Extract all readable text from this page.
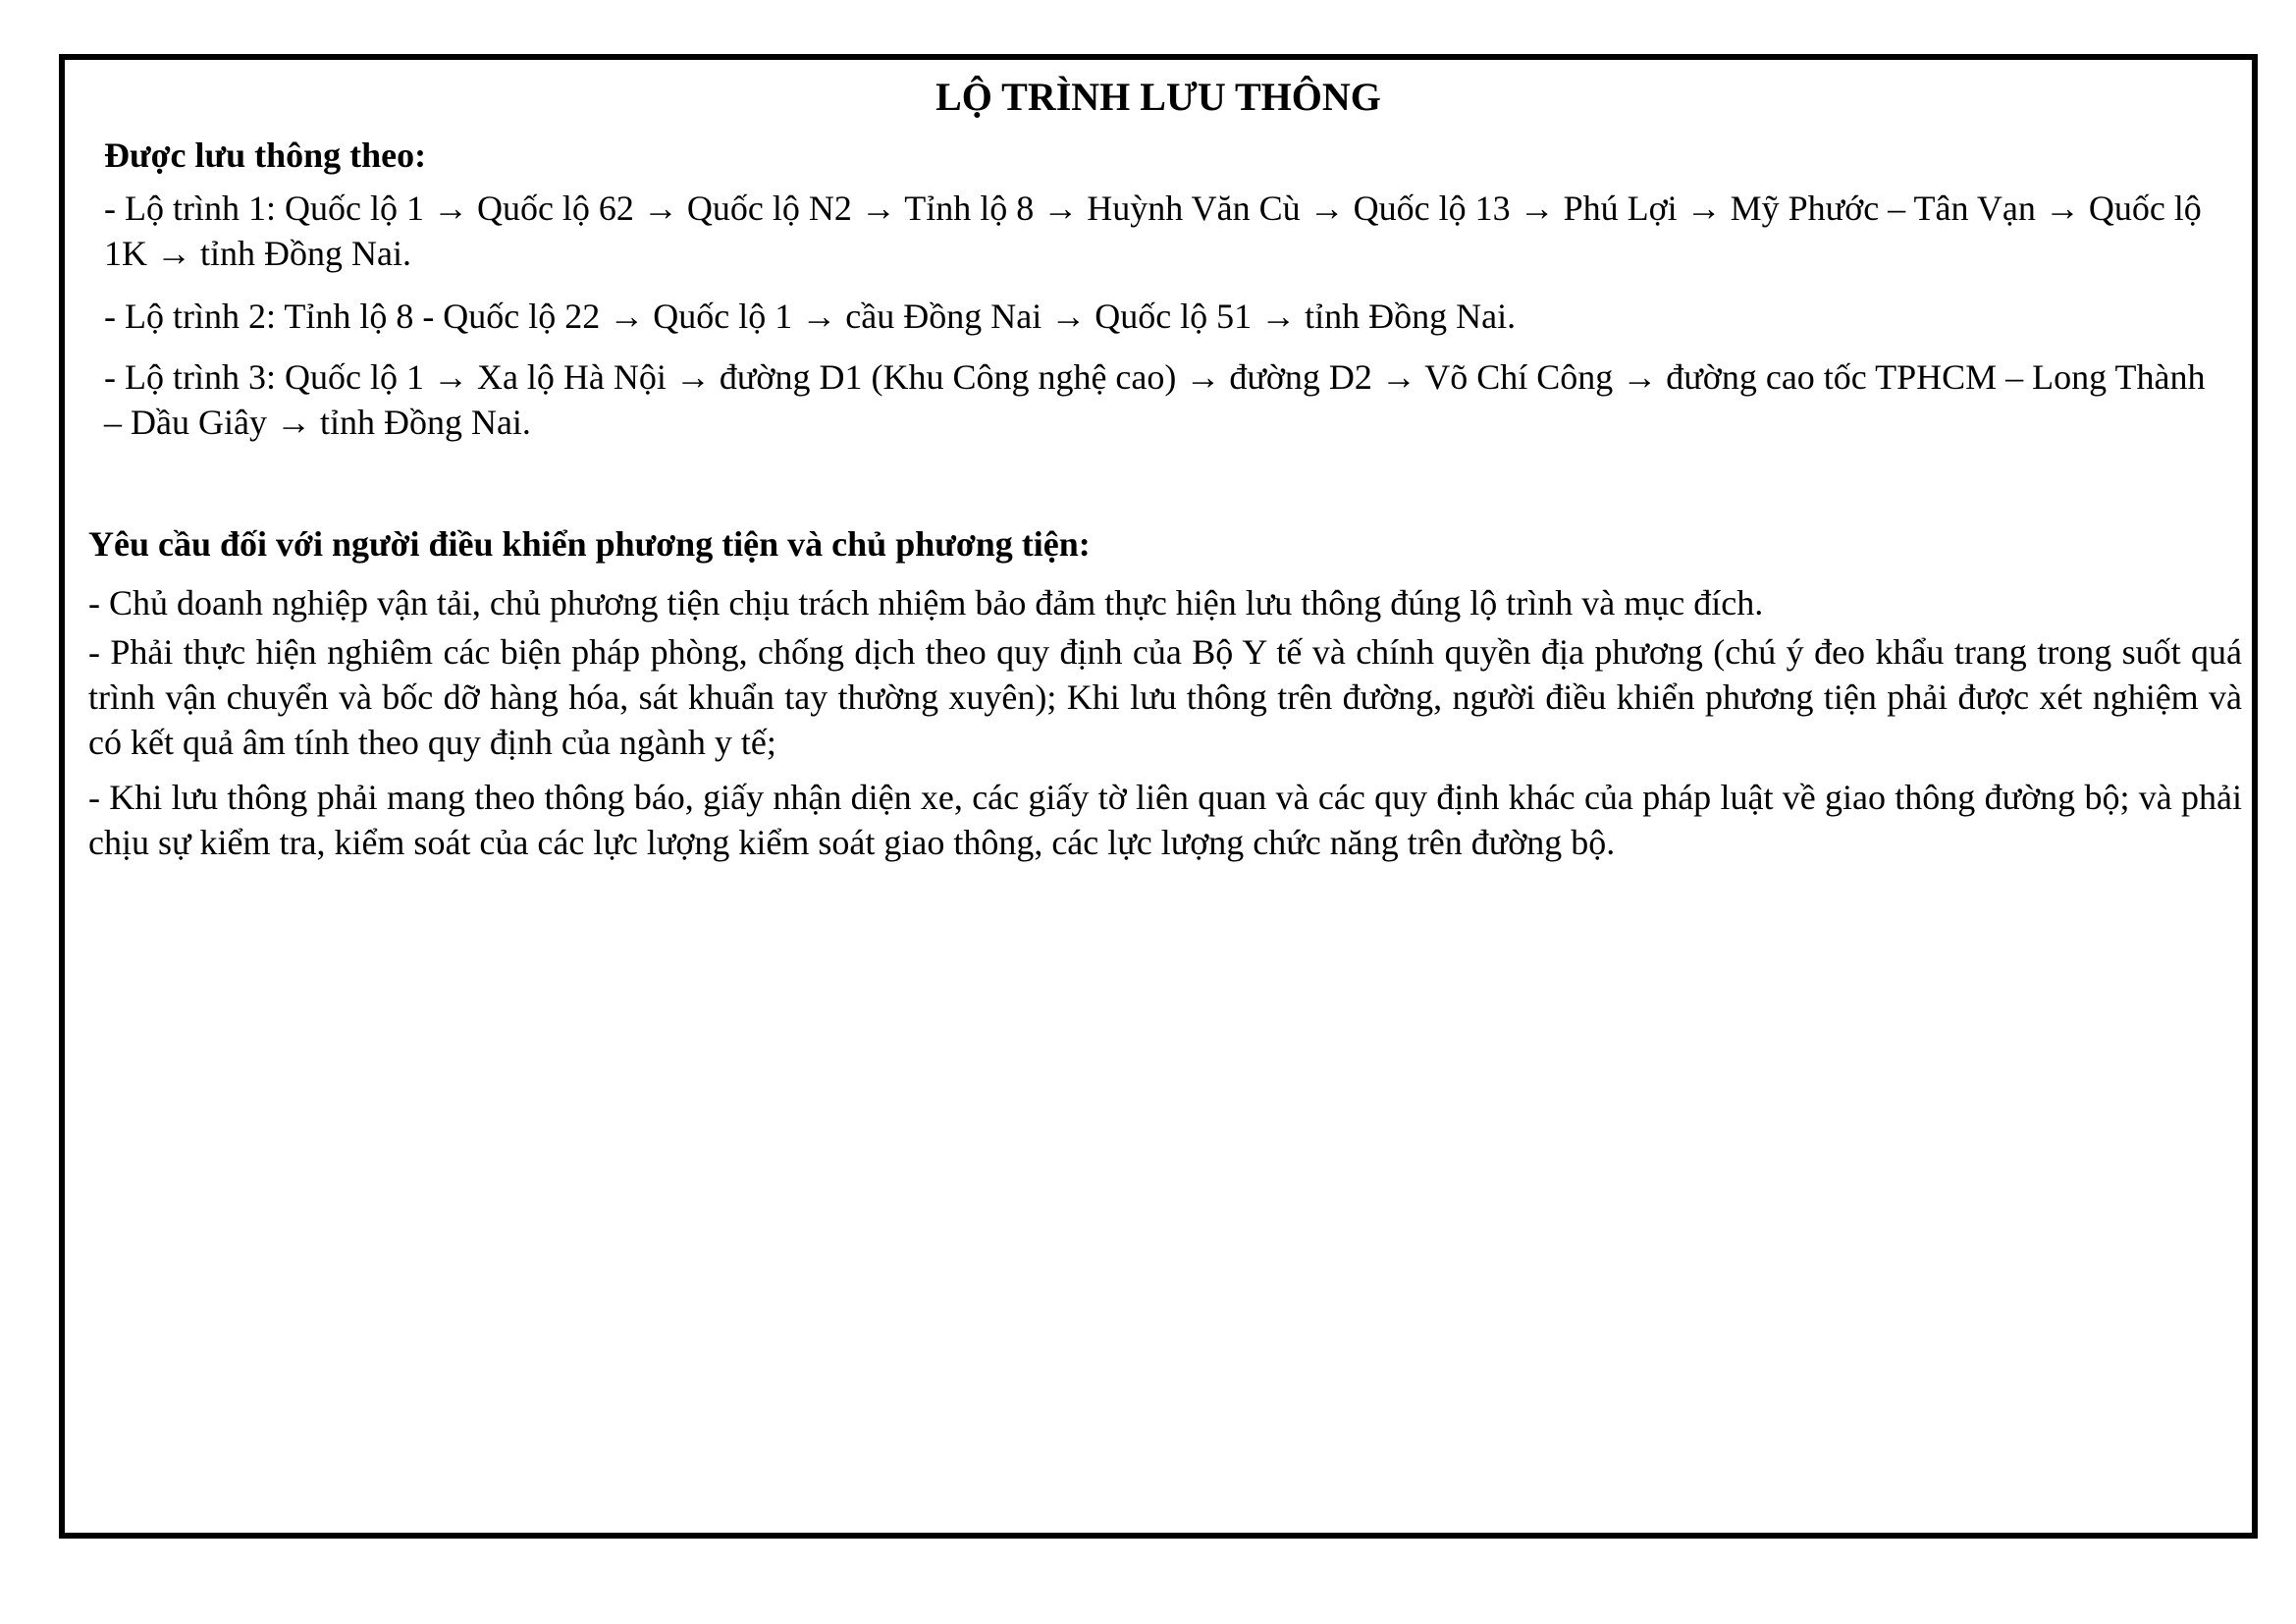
LỘ TRÌNH LƯU THÔNG

Được lưu thông theo:

- Lộ trình 1: Quốc lộ 1 → Quốc lộ 62 → Quốc lộ N2 → Tỉnh lộ 8 → Huỳnh Văn Cù → Quốc lộ 13 → Phú Lợi → Mỹ Phước – Tân Vạn → Quốc lộ 1K → tỉnh Đồng Nai.

- Lộ trình 2: Tỉnh lộ 8 - Quốc lộ 22 → Quốc lộ 1 → cầu Đồng Nai → Quốc lộ 51 → tỉnh Đồng Nai.

- Lộ trình 3: Quốc lộ 1 → Xa lộ Hà Nội → đường D1 (Khu Công nghệ cao) → đường D2 → Võ Chí Công → đường cao tốc TPHCM – Long Thành – Dầu Giây → tỉnh Đồng Nai.

Yêu cầu đối với người điều khiển phương tiện và chủ phương tiện:

- Chủ doanh nghiệp vận tải, chủ phương tiện chịu trách nhiệm bảo đảm thực hiện lưu thông đúng lộ trình và mục đích.

- Phải thực hiện nghiêm các biện pháp phòng, chống dịch theo quy định của Bộ Y tế và chính quyền địa phương (chú ý đeo khẩu trang trong suốt quá trình vận chuyển và bốc dỡ hàng hóa, sát khuẩn tay thường xuyên); Khi lưu thông trên đường, người điều khiển phương tiện phải được xét nghiệm và có kết quả âm tính theo quy định của ngành y tế;

- Khi lưu thông phải mang theo thông báo, giấy nhận diện xe, các giấy tờ liên quan và các quy định khác của pháp luật về giao thông đường bộ; và phải chịu sự kiểm tra, kiểm soát của các lực lượng kiểm soát giao thông, các lực lượng chức năng trên đường bộ.
